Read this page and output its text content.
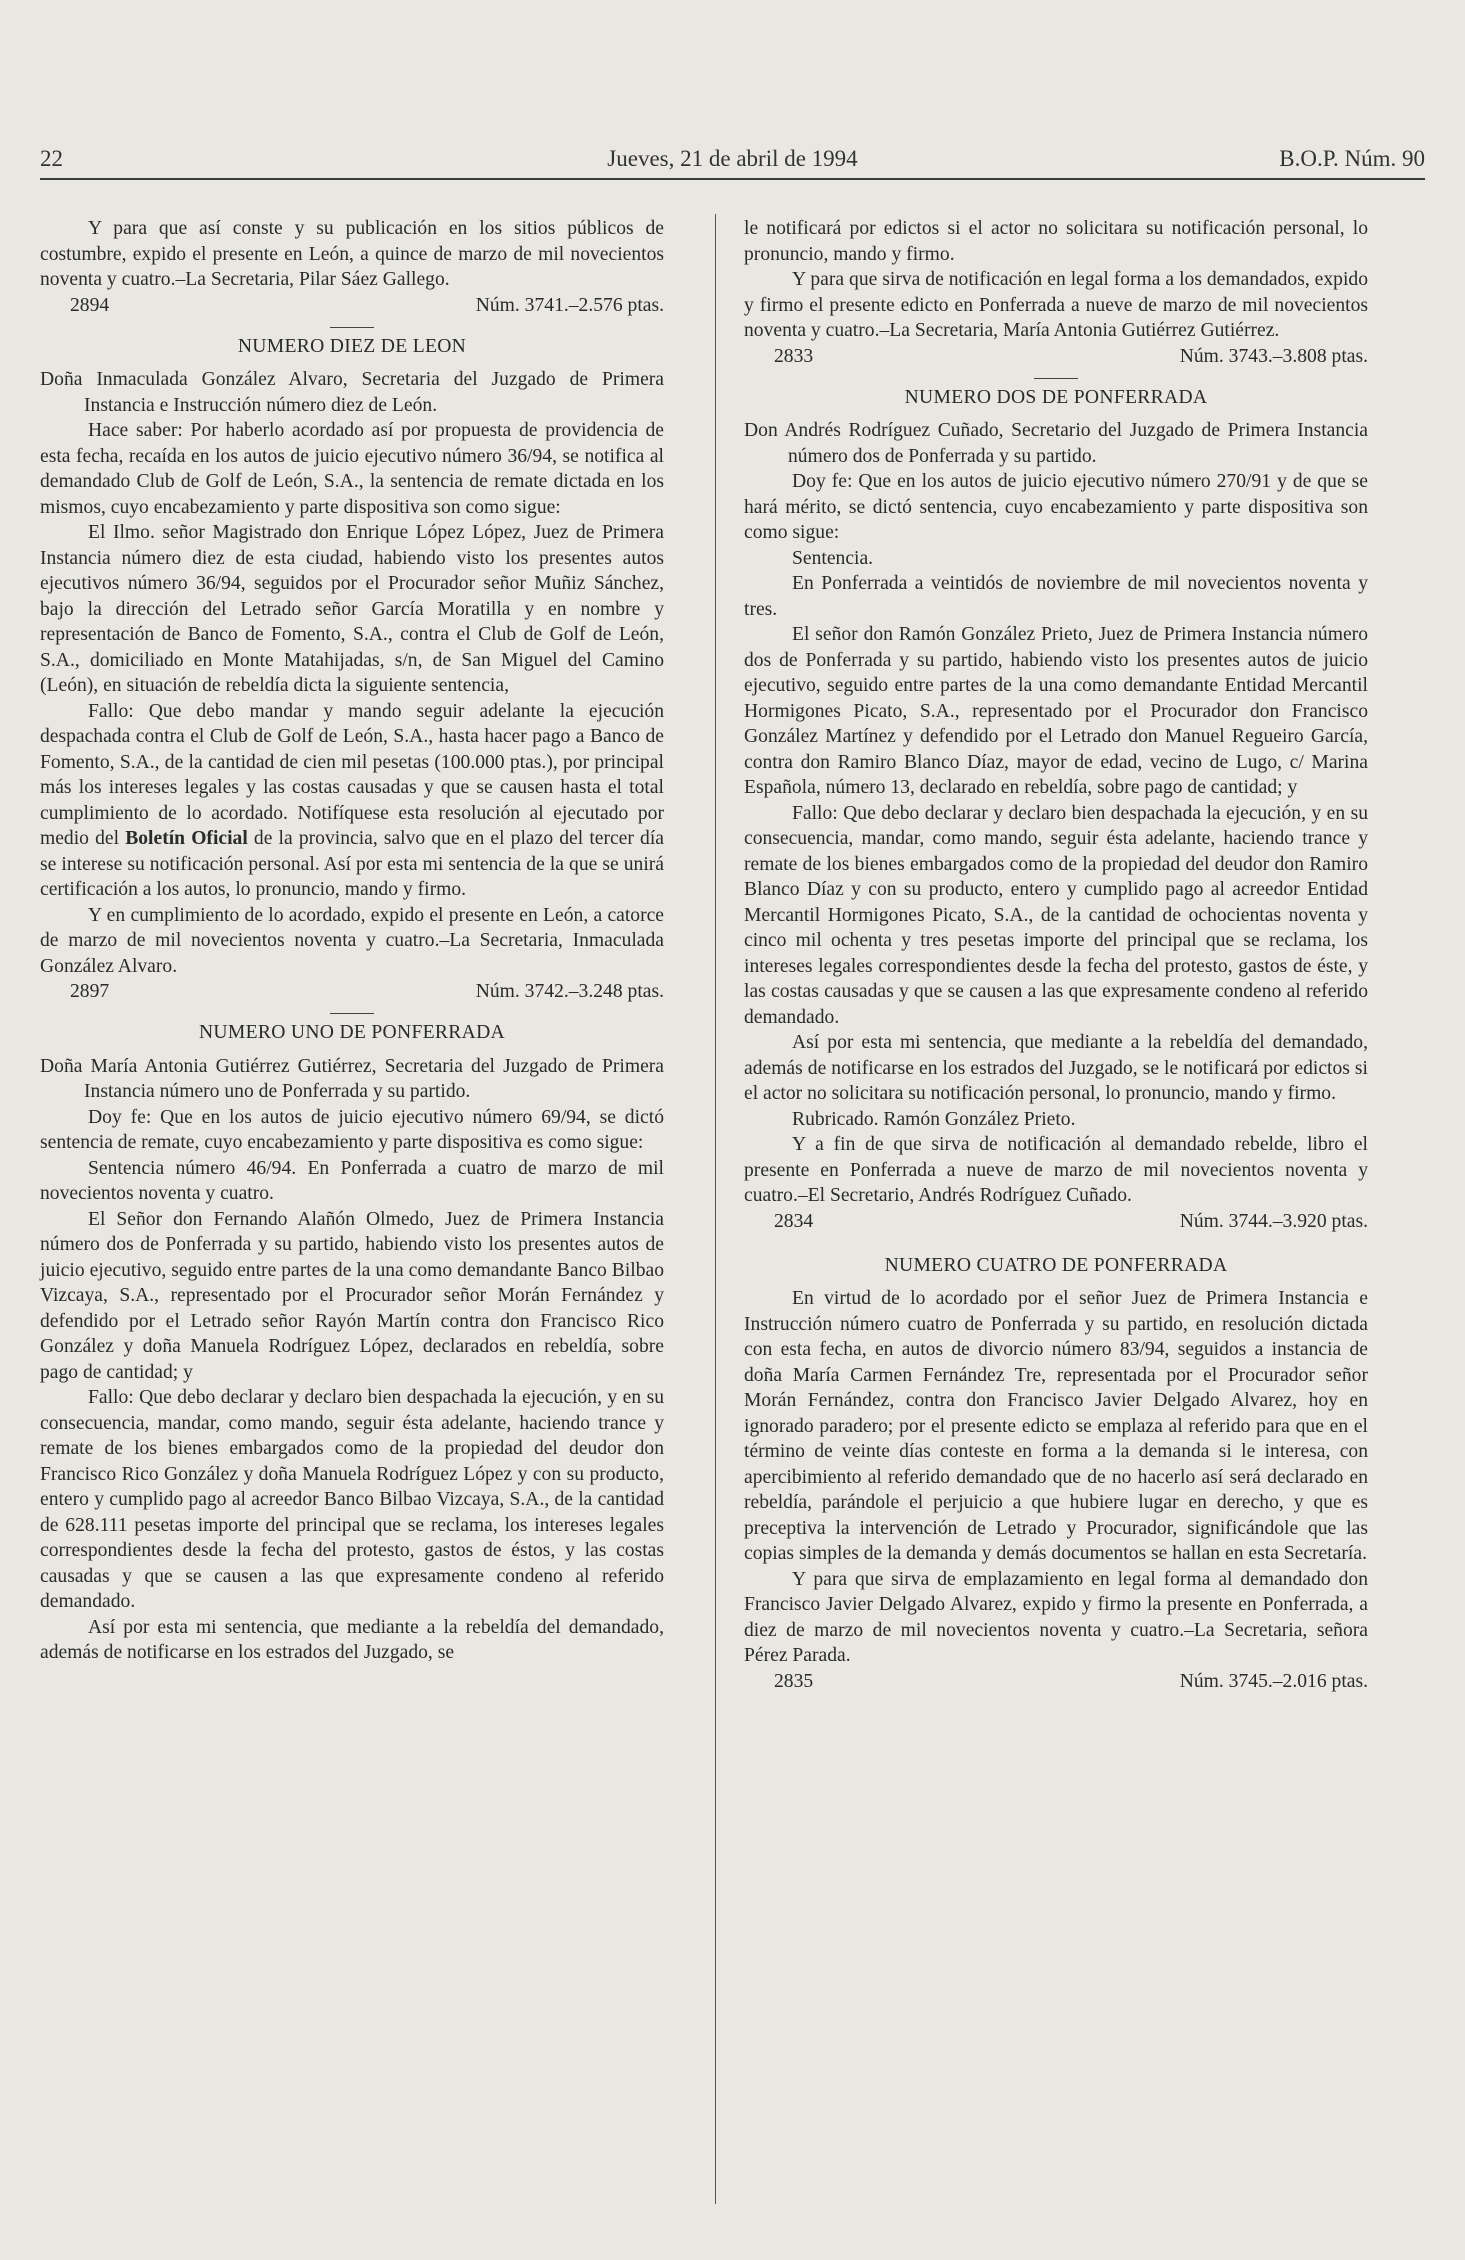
22	Jueves, 21 de abril de 1994	B.O.P. Núm. 90

Y para que así conste y su publicación en los sitios públicos de costumbre, expido el presente en León, a quince de marzo de mil novecientos noventa y cuatro.–La Secretaria, Pilar Sáez Gallego.

2894	Núm. 3741.–2.576 ptas.
NUMERO DIEZ DE LEON

Doña Inmaculada González Alvaro, Secretaria del Juzgado de Primera Instancia e Instrucción número diez de León.

Hace saber: Por haberlo acordado así por propuesta de providencia de esta fecha, recaída en los autos de juicio ejecutivo número 36/94, se notifica al demandado Club de Golf de León, S.A., la sentencia de remate dictada en los mismos, cuyo encabezamiento y parte dispositiva son como sigue:

El Ilmo. señor Magistrado don Enrique López López, Juez de Primera Instancia número diez de esta ciudad, habiendo visto los presentes autos ejecutivos número 36/94, seguidos por el Procurador señor Muñiz Sánchez, bajo la dirección del Letrado señor García Moratilla y en nombre y representación de Banco de Fomento, S.A., contra el Club de Golf de León, S.A., domiciliado en Monte Matahijadas, s/n, de San Miguel del Camino (León), en situación de rebeldía dicta la siguiente sentencia,

Fallo: Que debo mandar y mando seguir adelante la ejecución despachada contra el Club de Golf de León, S.A., hasta hacer pago a Banco de Fomento, S.A., de la cantidad de cien mil pesetas (100.000 ptas.), por principal más los intereses legales y las costas causadas y que se causen hasta el total cumplimiento de lo acordado. Notifíquese esta resolución al ejecutado por medio del Boletín Oficial de la provincia, salvo que en el plazo del tercer día se interese su notificación personal. Así por esta mi sentencia de la que se unirá certificación a los autos, lo pronuncio, mando y firmo.

Y en cumplimiento de lo acordado, expido el presente en León, a catorce de marzo de mil novecientos noventa y cuatro.–La Secretaria, Inmaculada González Alvaro.

2897	Núm. 3742.–3.248 ptas.
NUMERO UNO DE PONFERRADA

Doña María Antonia Gutiérrez Gutiérrez, Secretaria del Juzgado de Primera Instancia número uno de Ponferrada y su partido.

Doy fe: Que en los autos de juicio ejecutivo número 69/94, se dictó sentencia de remate, cuyo encabezamiento y parte dispositiva es como sigue:

Sentencia número 46/94. En Ponferrada a cuatro de marzo de mil novecientos noventa y cuatro.

El Señor don Fernando Alañón Olmedo, Juez de Primera Instancia número dos de Ponferrada y su partido, habiendo visto los presentes autos de juicio ejecutivo, seguido entre partes de la una como demandante Banco Bilbao Vizcaya, S.A., representado por el Procurador señor Morán Fernández y defendido por el Letrado señor Rayón Martín contra don Francisco Rico González y doña Manuela Rodríguez López, declarados en rebeldía, sobre pago de cantidad; y

Fallo: Que debo declarar y declaro bien despachada la ejecución, y en su consecuencia, mandar, como mando, seguir ésta adelante, haciendo trance y remate de los bienes embargados como de la propiedad del deudor don Francisco Rico González y doña Manuela Rodríguez López y con su producto, entero y cumplido pago al acreedor Banco Bilbao Vizcaya, S.A., de la cantidad de 628.111 pesetas importe del principal que se reclama, los intereses legales correspondientes desde la fecha del protesto, gastos de éstos, y las costas causadas y que se causen a las que expresamente condeno al referido demandado.

Así por esta mi sentencia, que mediante a la rebeldía del demandado, además de notificarse en los estrados del Juzgado, se

le notificará por edictos si el actor no solicitara su notificación personal, lo pronuncio, mando y firmo.

Y para que sirva de notificación en legal forma a los demandados, expido y firmo el presente edicto en Ponferrada a nueve de marzo de mil novecientos noventa y cuatro.–La Secretaria, María Antonia Gutiérrez Gutiérrez.

2833	Núm. 3743.–3.808 ptas.
NUMERO DOS DE PONFERRADA

Don Andrés Rodríguez Cuñado, Secretario del Juzgado de Primera Instancia número dos de Ponferrada y su partido.

Doy fe: Que en los autos de juicio ejecutivo número 270/91 y de que se hará mérito, se dictó sentencia, cuyo encabezamiento y parte dispositiva son como sigue:

Sentencia.

En Ponferrada a veintidós de noviembre de mil novecientos noventa y tres.

El señor don Ramón González Prieto, Juez de Primera Instancia número dos de Ponferrada y su partido, habiendo visto los presentes autos de juicio ejecutivo, seguido entre partes de la una como demandante Entidad Mercantil Hormigones Picato, S.A., representado por el Procurador don Francisco González Martínez y defendido por el Letrado don Manuel Regueiro García, contra don Ramiro Blanco Díaz, mayor de edad, vecino de Lugo, c/ Marina Española, número 13, declarado en rebeldía, sobre pago de cantidad; y

Fallo: Que debo declarar y declaro bien despachada la ejecución, y en su consecuencia, mandar, como mando, seguir ésta adelante, haciendo trance y remate de los bienes embargados como de la propiedad del deudor don Ramiro Blanco Díaz y con su producto, entero y cumplido pago al acreedor Entidad Mercantil Hormigones Picato, S.A., de la cantidad de ochocientas noventa y cinco mil ochenta y tres pesetas importe del principal que se reclama, los intereses legales correspondientes desde la fecha del protesto, gastos de éste, y las costas causadas y que se causen a las que expresamente condeno al referido demandado.

Así por esta mi sentencia, que mediante a la rebeldía del demandado, además de notificarse en los estrados del Juzgado, se le notificará por edictos si el actor no solicitara su notificación personal, lo pronuncio, mando y firmo.

Rubricado. Ramón González Prieto.

Y a fin de que sirva de notificación al demandado rebelde, libro el presente en Ponferrada a nueve de marzo de mil novecientos noventa y cuatro.–El Secretario, Andrés Rodríguez Cuñado.

2834	Núm. 3744.–3.920 ptas.
NUMERO CUATRO DE PONFERRADA

En virtud de lo acordado por el señor Juez de Primera Instancia e Instrucción número cuatro de Ponferrada y su partido, en resolución dictada con esta fecha, en autos de divorcio número 83/94, seguidos a instancia de doña María Carmen Fernández Tre, representada por el Procurador señor Morán Fernández, contra don Francisco Javier Delgado Alvarez, hoy en ignorado paradero; por el presente edicto se emplaza al referido para que en el término de veinte días conteste en forma a la demanda si le interesa, con apercibimiento al referido demandado que de no hacerlo así será declarado en rebeldía, parándole el perjuicio a que hubiere lugar en derecho, y que es preceptiva la intervención de Letrado y Procurador, significándole que las copias simples de la demanda y demás documentos se hallan en esta Secretaría.

Y para que sirva de emplazamiento en legal forma al demandado don Francisco Javier Delgado Alvarez, expido y firmo la presente en Ponferrada, a diez de marzo de mil novecientos noventa y cuatro.–La Secretaria, señora Pérez Parada.

2835	Núm. 3745.–2.016 ptas.
